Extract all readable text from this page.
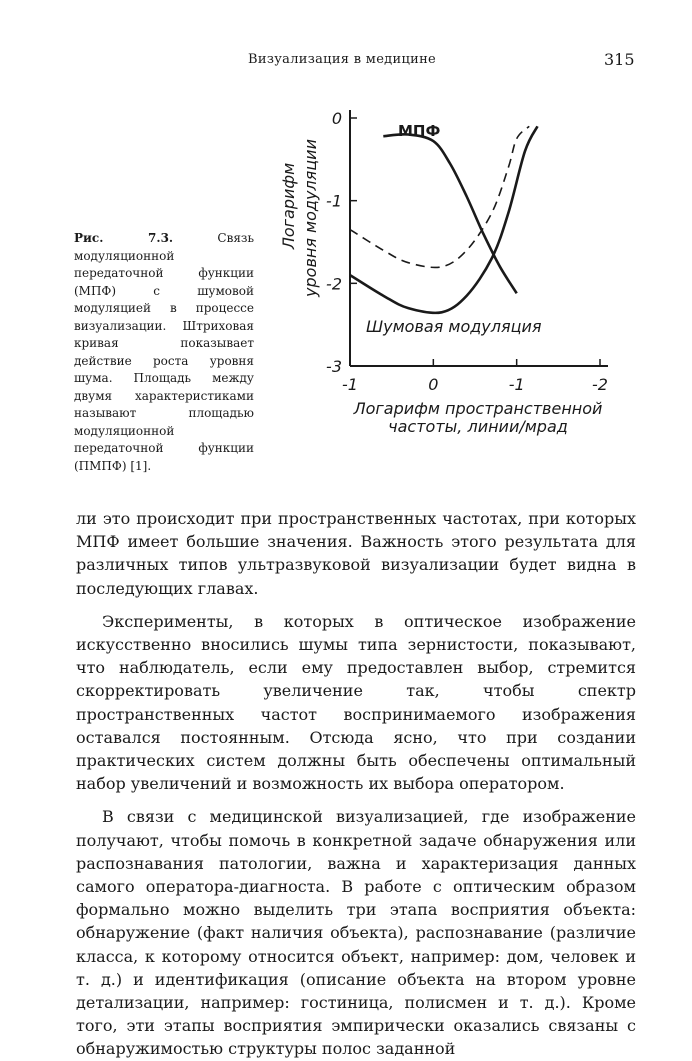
Визуализация в медицине	315
Рис. 7.3.	Связь модуляционной передаточной функции (МПФ) с шумовой модуляцией в процессе визуализации. Штриховая кривая показывает действие роста уровня шума. Площадь между двумя характеристиками называют площадью модуляционной передаточной функции (ПМПФ) [1].
0
-1
-2
-3
-1	0	-1	-2
МПФ
Шумовая модуляция
Логарифм уровня модуляции
Логарифм пространственной
частоты, линии/мрад

ли это происходит при пространственных частотах, при которых МПФ имеет большие значения. Важность этого результата для различных типов ультразвуковой визуализации будет видна в последующих главах.

Эксперименты, в которых в оптическое изображение искусственно вносились шумы типа зернистости, показывают, что наблюдатель, если ему предоставлен выбор, стремится скорректировать увеличение так, чтобы спектр пространственных частот воспринимаемого изображения оставался постоянным. Отсюда ясно, что при создании практических систем должны быть обеспечены оптимальный набор увеличений и возможность их выбора оператором.

В связи с медицинской визуализацией, где изображение получают, чтобы помочь в конкретной задаче обнаружения или распознавания патологии, важна и характеризация данных самого оператора-диагноста. В работе с оптическим образом формально можно выделить три этапа восприятия объекта: обнаружение (факт наличия объекта), распознавание (различие класса, к которому относится объект, например: дом, человек и т. д.) и идентификация (описание объекта на втором уровне детализации, например: гостиница, полисмен и т. д.). Кроме того, эти этапы восприятия эмпирически оказались связаны с обнаружимостью структуры полос заданной
